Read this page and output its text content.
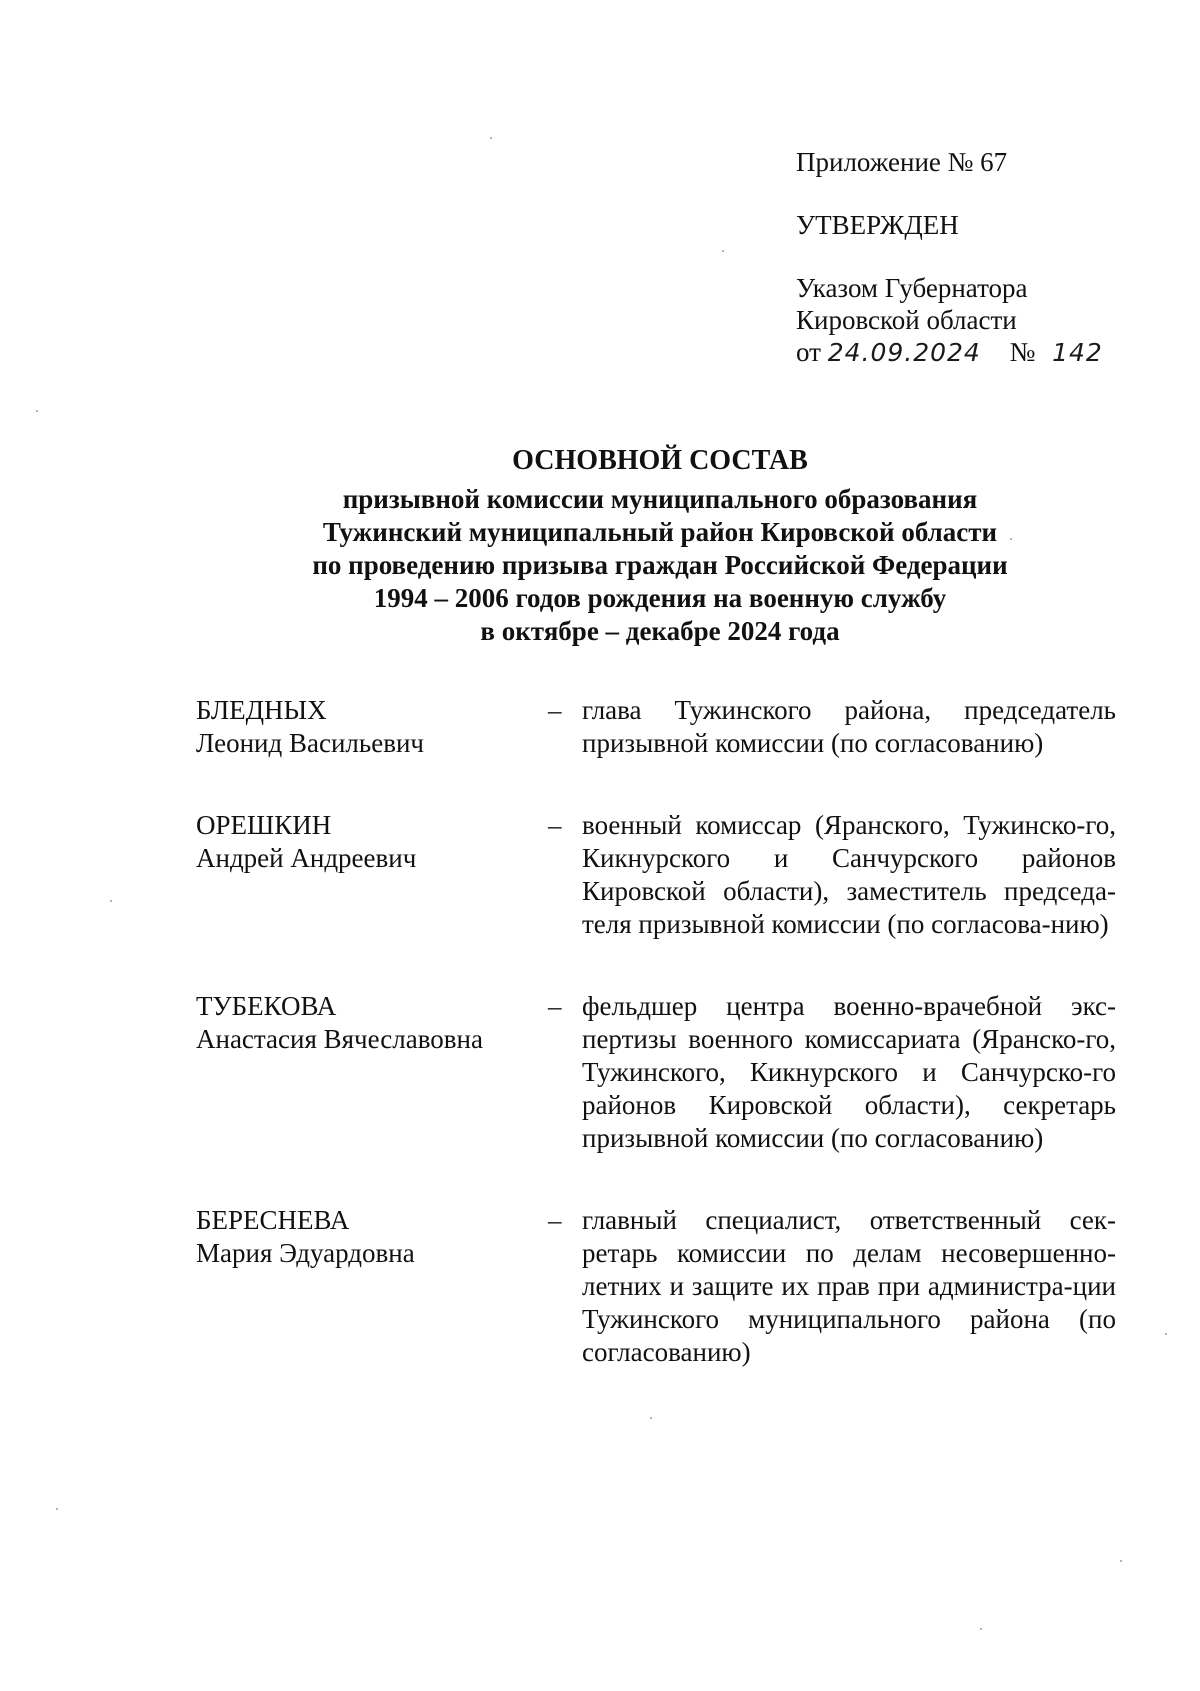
Приложение № 67
УТВЕРЖДЕН
Указом Губернатора
Кировской области
от 24.09.2024 № 142
ОСНОВНОЙ СОСТАВ
призывной комиссии муниципального образования
Тужинский муниципальный район Кировской области
по проведению призыва граждан Российской Федерации
1994 – 2006 годов рождения на военную службу
в октябре – декабре 2024 года
БЛЕДНЫХ
Леонид Васильевич
– глава Тужинского района, председатель призывной комиссии (по согласованию)
ОРЕШКИН
Андрей Андреевич
– военный комиссар (Яранского, Тужинско-го, Кикнурского и Санчурского районов Кировской области), заместитель председа-теля призывной комиссии (по согласова-нию)
ТУБЕКОВА
Анастасия Вячеславовна
– фельдшер центра военно-врачебной экс-пертизы военного комиссариата (Яранско-го, Тужинского, Кикнурского и Санчурско-го районов Кировской области), секретарь призывной комиссии (по согласованию)
БЕРЕСНЕВА
Мария Эдуардовна
– главный специалист, ответственный сек-ретарь комиссии по делам несовершенно-летних и защите их прав при администра-ции Тужинского муниципального района (по согласованию)
